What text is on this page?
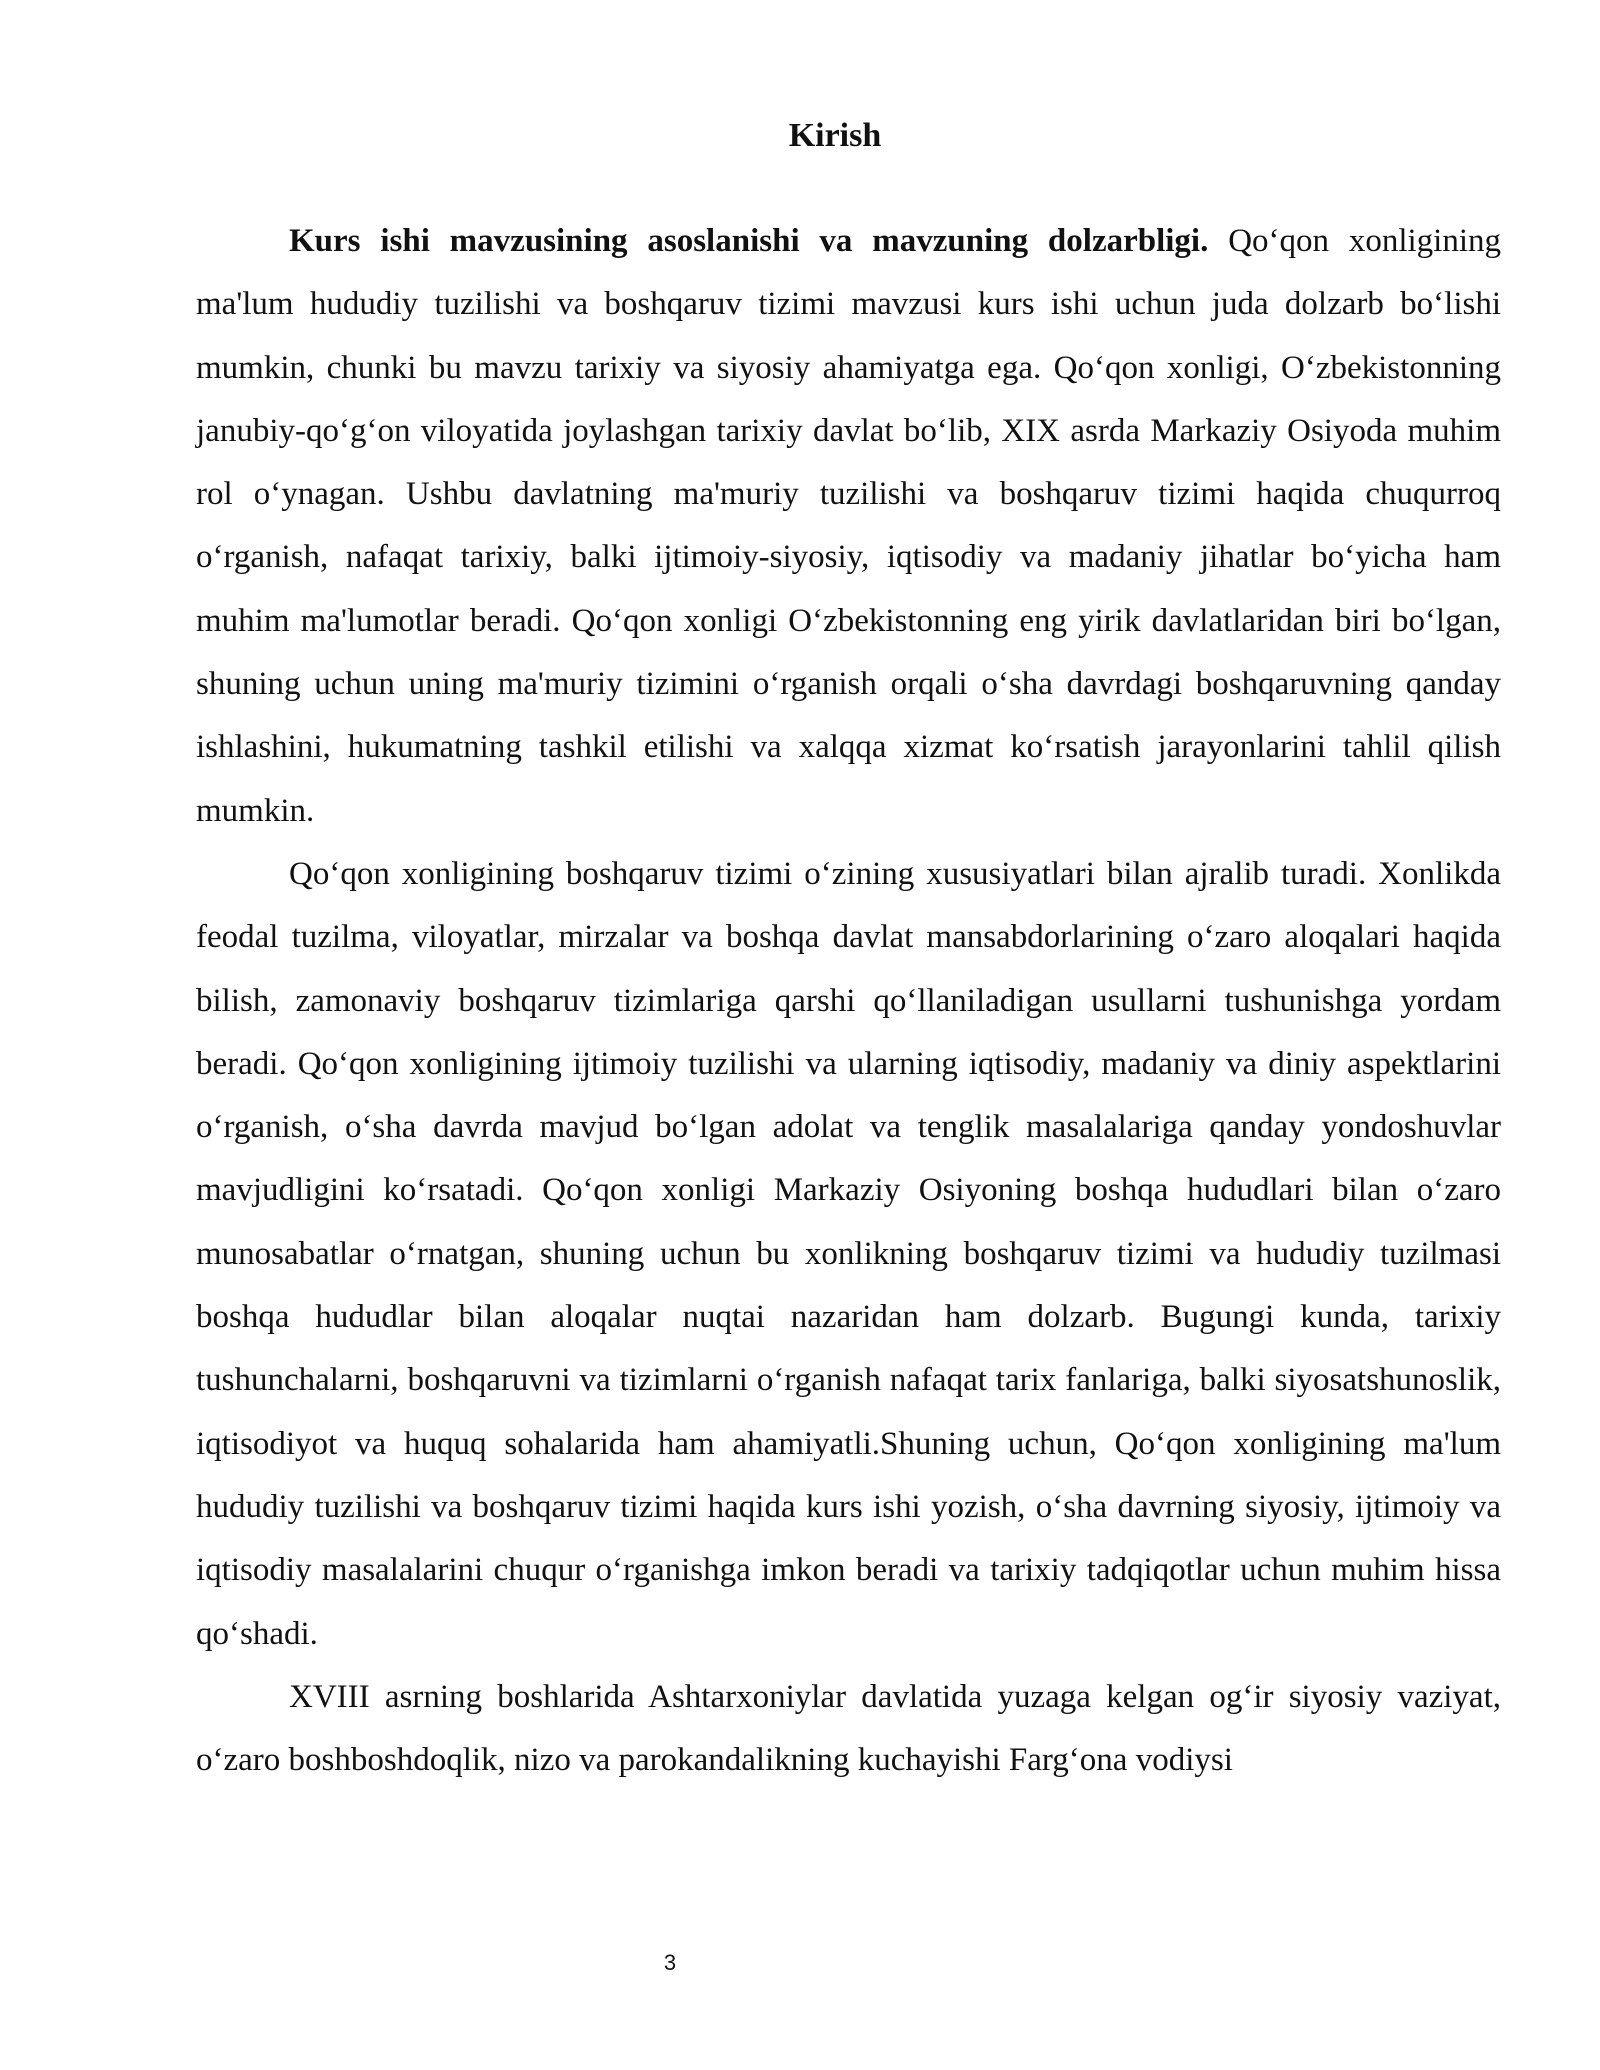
Kirish

Kurs ishi mavzusining asoslanishi va mavzuning dolzarbligi. Qo‘qon xonligining ma'lum hududiy tuzilishi va boshqaruv tizimi mavzusi kurs ishi uchun juda dolzarb bo‘lishi mumkin, chunki bu mavzu tarixiy va siyosiy ahamiyatga ega. Qo‘qon xonligi, O‘zbekistonning janubiy-qo‘g‘on viloyatida joylashgan tarixiy davlat bo‘lib, XIX asrda Markaziy Osiyoda muhim rol o‘ynagan. Ushbu davlatning ma'muriy tuzilishi va boshqaruv tizimi haqida chuqurroq o‘rganish, nafaqat tarixiy, balki ijtimoiy-siyosiy, iqtisodiy va madaniy jihatlar bo‘yicha ham muhim ma'lumotlar beradi. Qo‘qon xonligi O‘zbekistonning eng yirik davlatlaridan biri bo‘lgan, shuning uchun uning ma'muriy tizimini o‘rganish orqali o‘sha davrdagi boshqaruvning qanday ishlashini, hukumatning tashkil etilishi va xalqqa xizmat ko‘rsatish jarayonlarini tahlil qilish mumkin.

Qo‘qon xonligining boshqaruv tizimi o‘zining xususiyatlari bilan ajralib turadi. Xonlikda feodal tuzilma, viloyatlar, mirzalar va boshqa davlat mansabdorlarining o‘zaro aloqalari haqida bilish, zamonaviy boshqaruv tizimlariga qarshi qo‘llaniladigan usullarni tushunishga yordam beradi. Qo‘qon xonligining ijtimoiy tuzilishi va ularning iqtisodiy, madaniy va diniy aspektlarini o‘rganish, o‘sha davrda mavjud bo‘lgan adolat va tenglik masalalariga qanday yondoshuvlar mavjudligini ko‘rsatadi. Qo‘qon xonligi Markaziy Osiyoning boshqa hududlari bilan o‘zaro munosabatlar o‘rnatgan, shuning uchun bu xonlikning boshqaruv tizimi va hududiy tuzilmasi boshqa hududlar bilan aloqalar nuqtai nazaridan ham dolzarb. Bugungi kunda, tarixiy tushunchalarni, boshqaruvni va tizimlarni o‘rganish nafaqat tarix fanlariga, balki siyosatshunoslik, iqtisodiyot va huquq sohalarida ham ahamiyatli.Shuning uchun, Qo‘qon xonligining ma'lum hududiy tuzilishi va boshqaruv tizimi haqida kurs ishi yozish, o‘sha davrning siyosiy, ijtimoiy va iqtisodiy masalalarini chuqur o‘rganishga imkon beradi va tarixiy tadqiqotlar uchun muhim hissa qo‘shadi.

XVIII asrning boshlarida Ashtarxoniylar davlatida yuzaga kelgan og‘ir siyosiy vaziyat, o‘zaro boshboshdoqlik, nizo va parokandalikning kuchayishi Farg‘ona vodiysi

3
